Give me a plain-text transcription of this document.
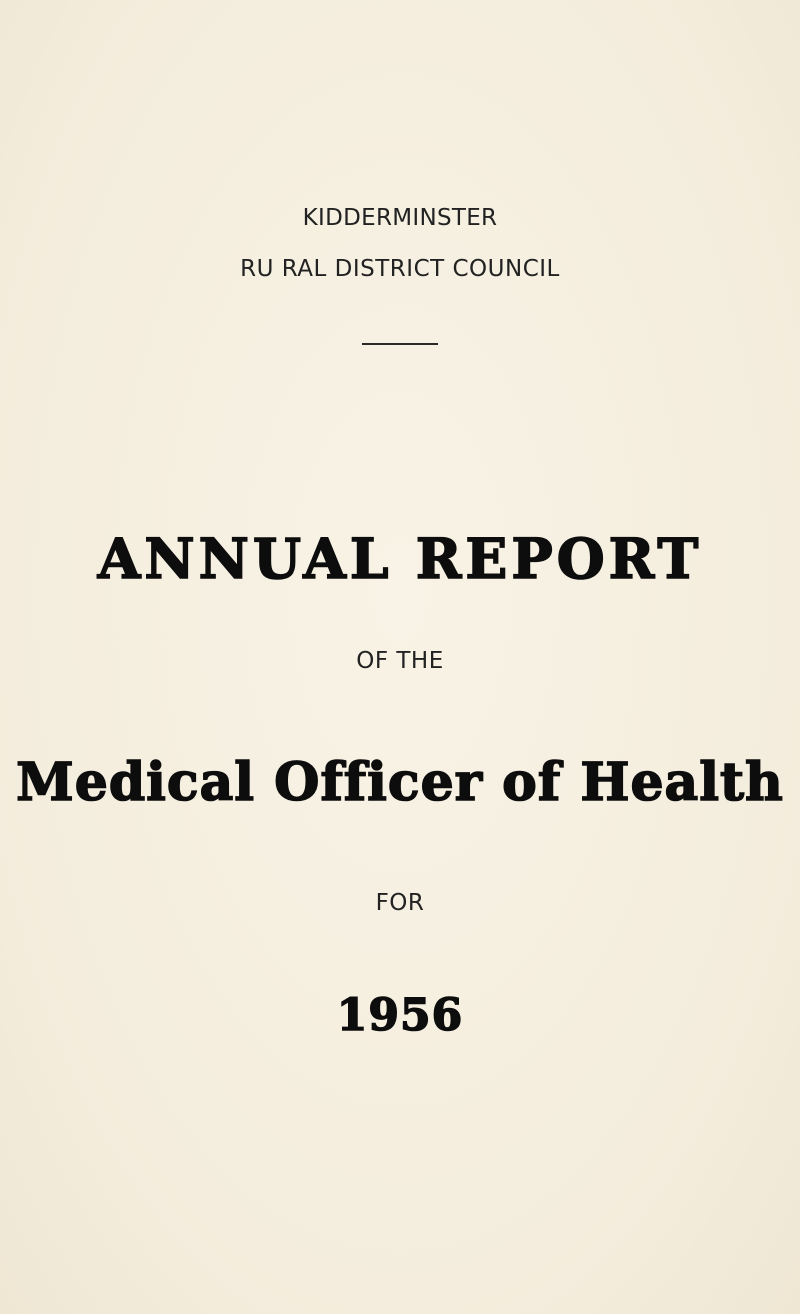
KIDDERMINSTER
RU RAL DISTRICT COUNCIL
ANNUAL REPORT
OF THE
Medical Officer of Health
FOR
1956
